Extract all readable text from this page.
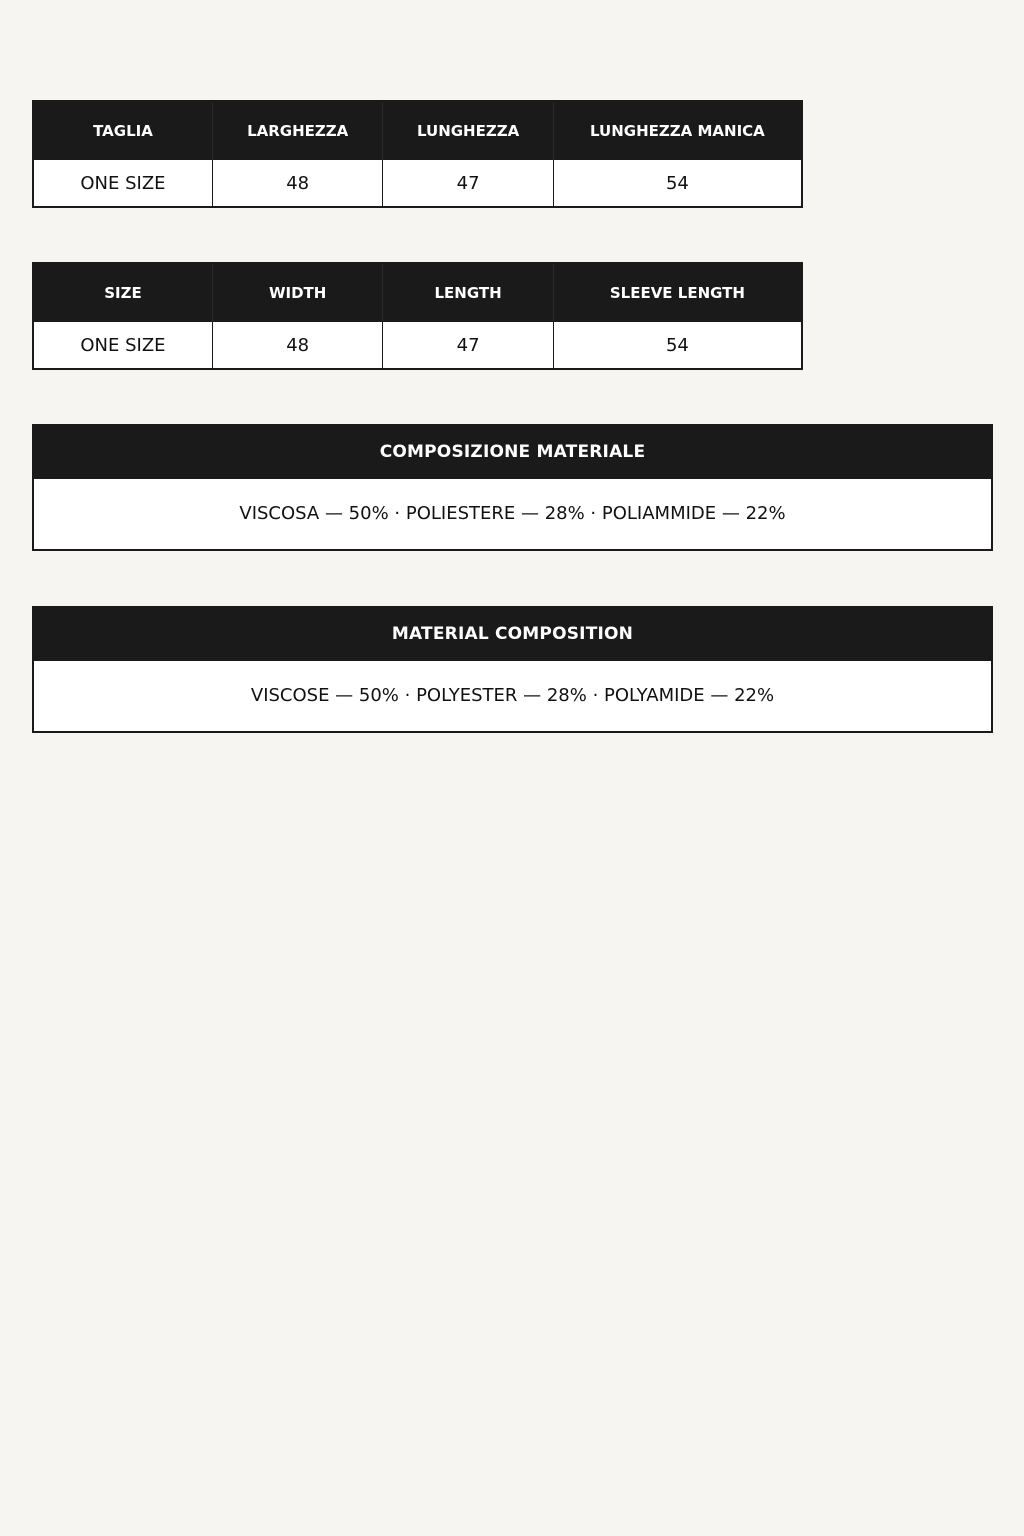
TAGLIA	LARGHEZZA	LUNGHEZZA	LUNGHEZZA MANICA
ONE SIZE	48	47	54
SIZE	WIDTH	LENGTH	SLEEVE LENGTH
ONE SIZE	48	47	54
COMPOSIZIONE MATERIALE
VISCOSA — 50% · POLIESTERE — 28% · POLIAMMIDE — 22%
MATERIAL COMPOSITION
VISCOSE — 50% · POLYESTER — 28% · POLYAMIDE — 22%
